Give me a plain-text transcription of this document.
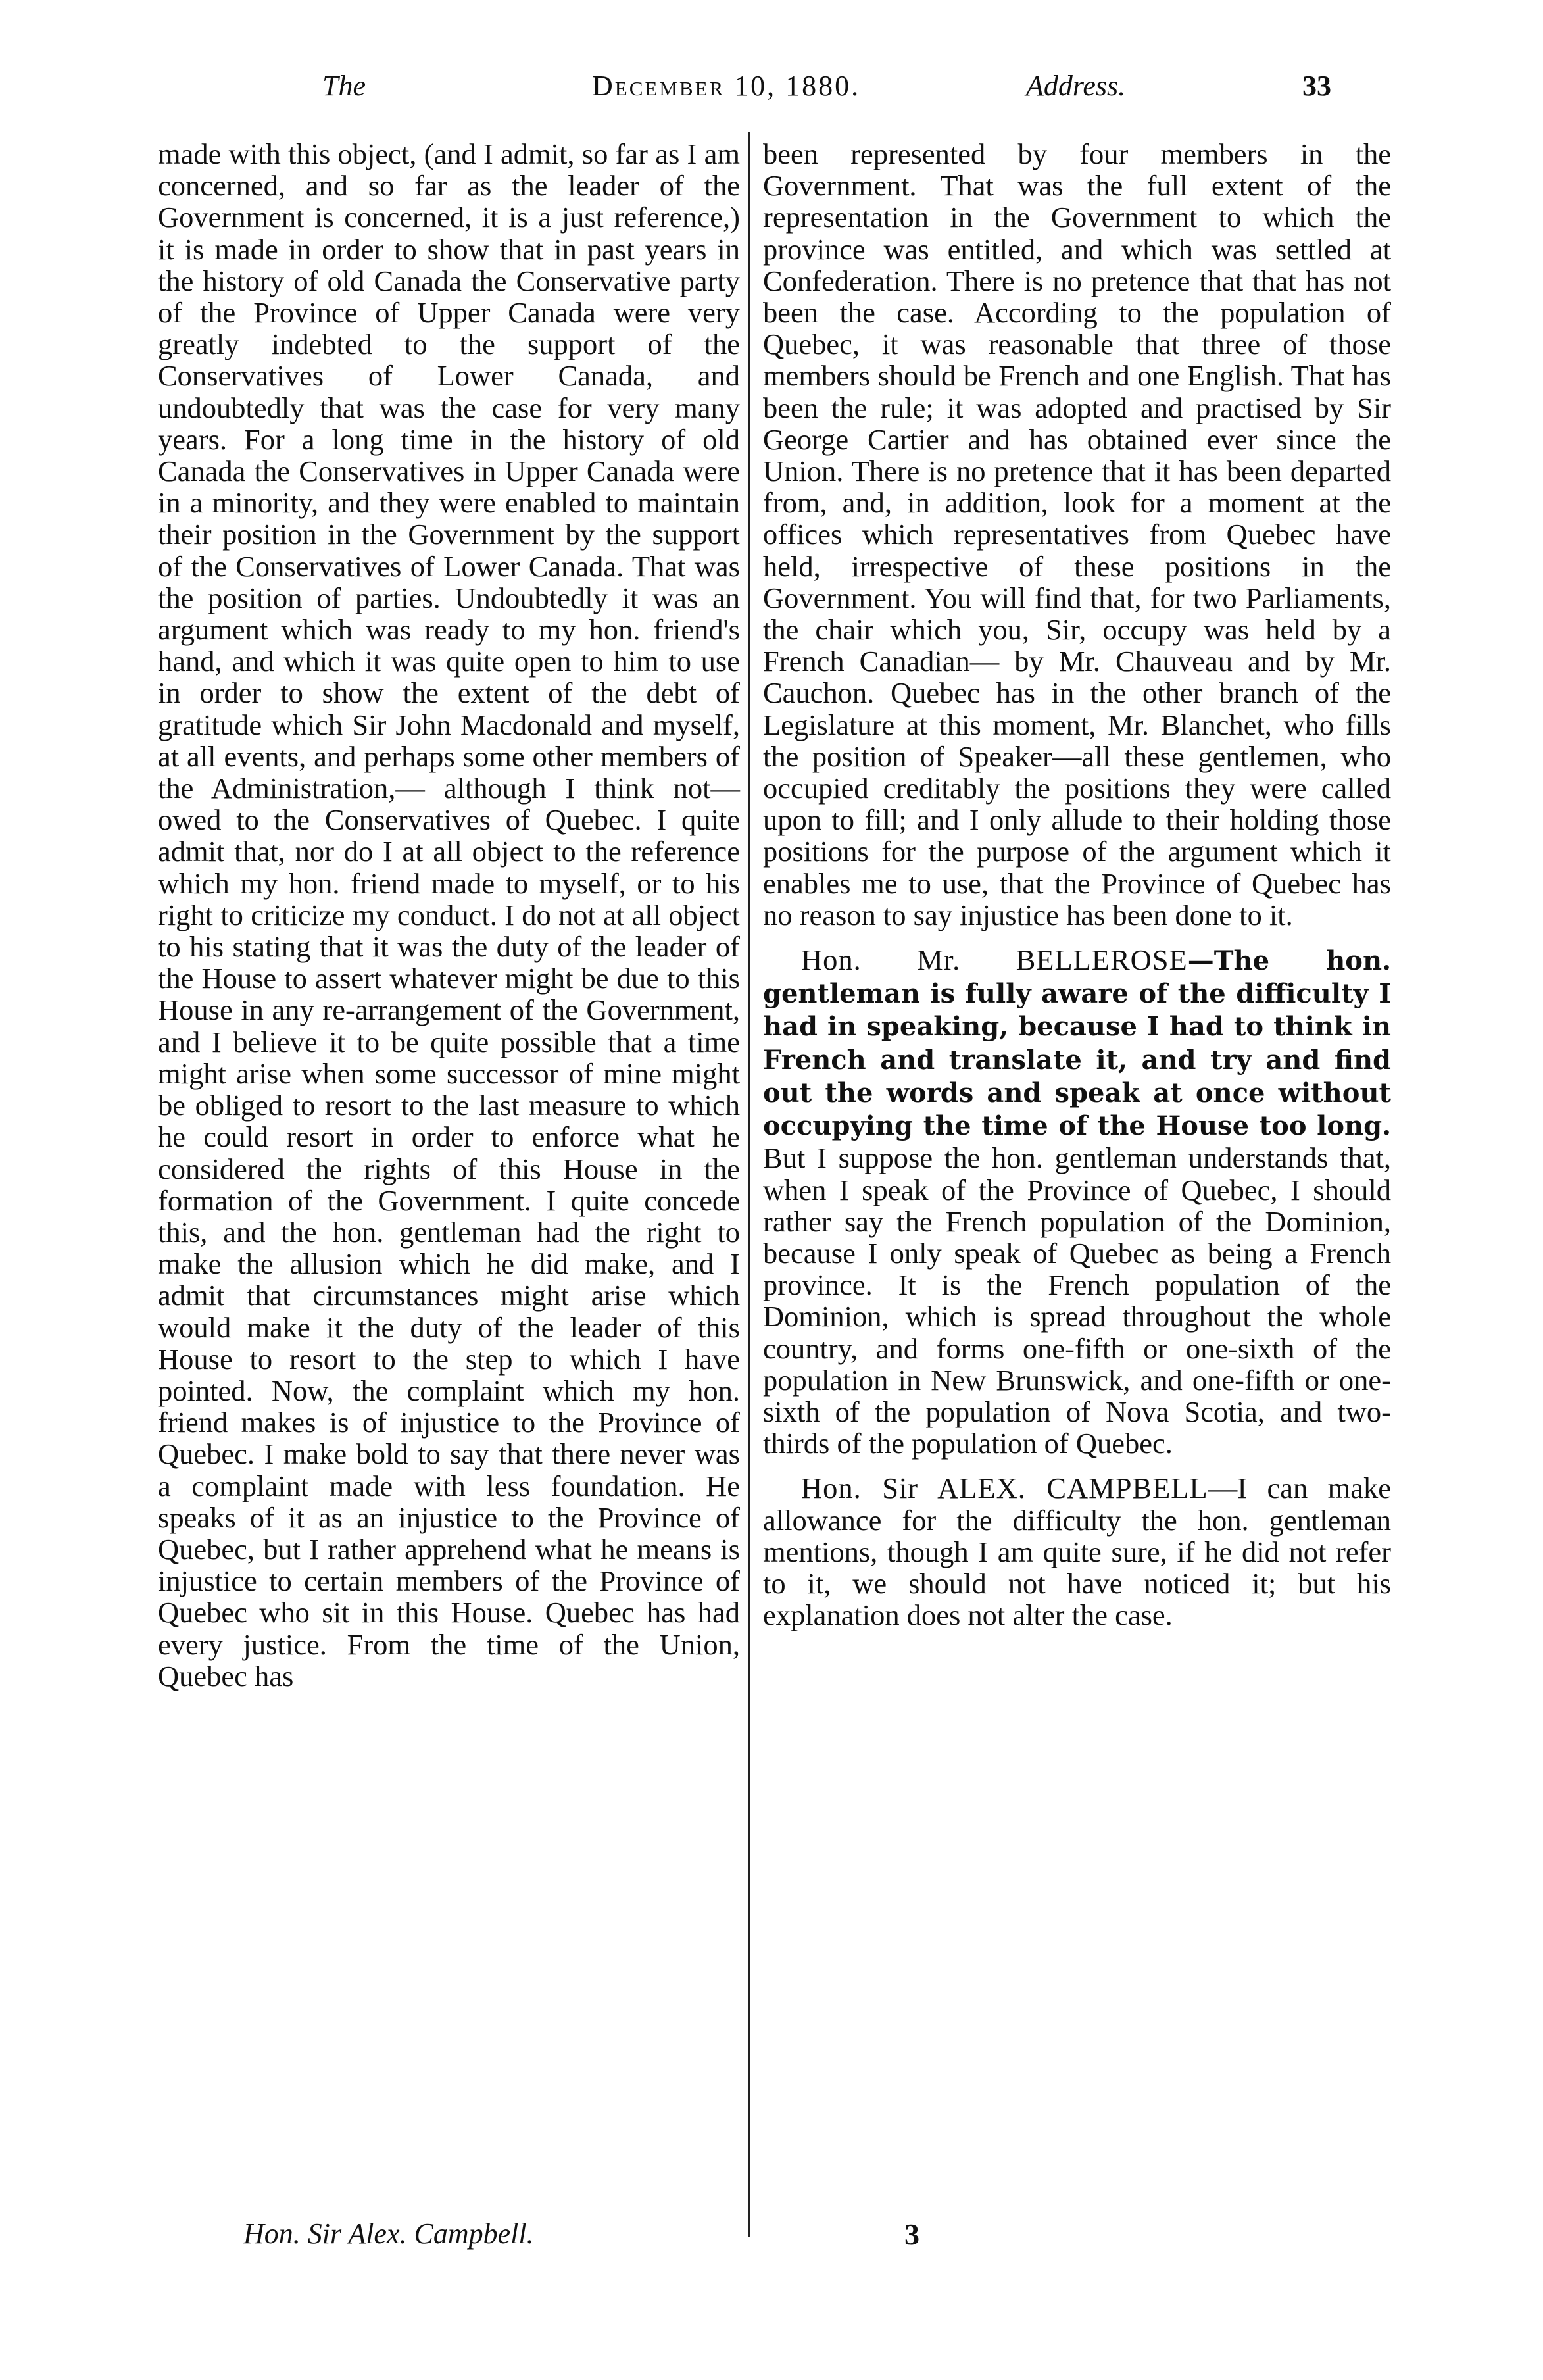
The	December 10, 1880.	Address.	33

made with this object, (and I admit, so far as I am concerned, and so far as the leader of the Government is concerned, it is a just reference,) it is made in order to show that in past years in the history of old Canada the Conservative party of the Province of Upper Canada were very greatly indebted to the support of the Conservatives of Lower Canada, and undoubtedly that was the case for very many years. For a long time in the history of old Canada the Conservatives in Upper Canada were in a minority, and they were enabled to maintain their position in the Government by the support of the Conservatives of Lower Canada. That was the position of parties. Undoubtedly it was an argument which was ready to my hon. friend's hand, and which it was quite open to him to use in order to show the extent of the debt of gratitude which Sir John Macdonald and myself, at all events, and perhaps some other members of the Administration,— although I think not—owed to the Conservatives of Quebec. I quite admit that, nor do I at all object to the reference which my hon. friend made to myself, or to his right to criticize my conduct. I do not at all object to his stating that it was the duty of the leader of the House to assert whatever might be due to this House in any re-arrangement of the Government, and I believe it to be quite possible that a time might arise when some successor of mine might be obliged to resort to the last measure to which he could resort in order to enforce what he considered the rights of this House in the formation of the Government. I quite concede this, and the hon. gentleman had the right to make the allusion which he did make, and I admit that circumstances might arise which would make it the duty of the leader of this House to resort to the step to which I have pointed. Now, the complaint which my hon. friend makes is of injustice to the Province of Quebec. I make bold to say that there never was a complaint made with less foundation. He speaks of it as an injustice to the Province of Quebec, but I rather apprehend what he means is injustice to certain members of the Province of Quebec who sit in this House. Quebec has had every justice. From the time of the Union, Quebec has

been represented by four members in the Government. That was the full extent of the representation in the Government to which the province was entitled, and which was settled at Confederation. There is no pretence that that has not been the case. According to the population of Quebec, it was reasonable that three of those members should be French and one English. That has been the rule; it was adopted and practised by Sir George Cartier and has obtained ever since the Union. There is no pretence that it has been departed from, and, in addition, look for a moment at the offices which representatives from Quebec have held, irrespective of these positions in the Government. You will find that, for two Parliaments, the chair which you, Sir, occupy was held by a French Canadian— by Mr. Chauveau and by Mr. Cauchon. Quebec has in the other branch of the Legislature at this moment, Mr. Blanchet, who fills the position of Speaker—all these gentlemen, who occupied creditably the positions they were called upon to fill; and I only allude to their holding those positions for the purpose of the argument which it enables me to use, that the Province of Quebec has no reason to say injustice has been done to it.

Hon. Mr. BELLEROSE—The hon. gentleman is fully aware of the difficulty I had in speaking, because I had to think in French and translate it, and try and find out the words and speak at once without occupying the time of the House too long. But I suppose the hon. gentleman understands that, when I speak of the Province of Quebec, I should rather say the French population of the Dominion, because I only speak of Quebec as being a French province. It is the French population of the Dominion, which is spread throughout the whole country, and forms one-fifth or one-sixth of the population in New Brunswick, and one-fifth or one-sixth of the population of Nova Scotia, and two-thirds of the population of Quebec.

Hon. Sir ALEX. CAMPBELL—I can make allowance for the difficulty the hon. gentleman mentions, though I am quite sure, if he did not refer to it, we should not have noticed it; but his explanation does not alter the case.

Hon. Sir Alex. Campbell.	3
